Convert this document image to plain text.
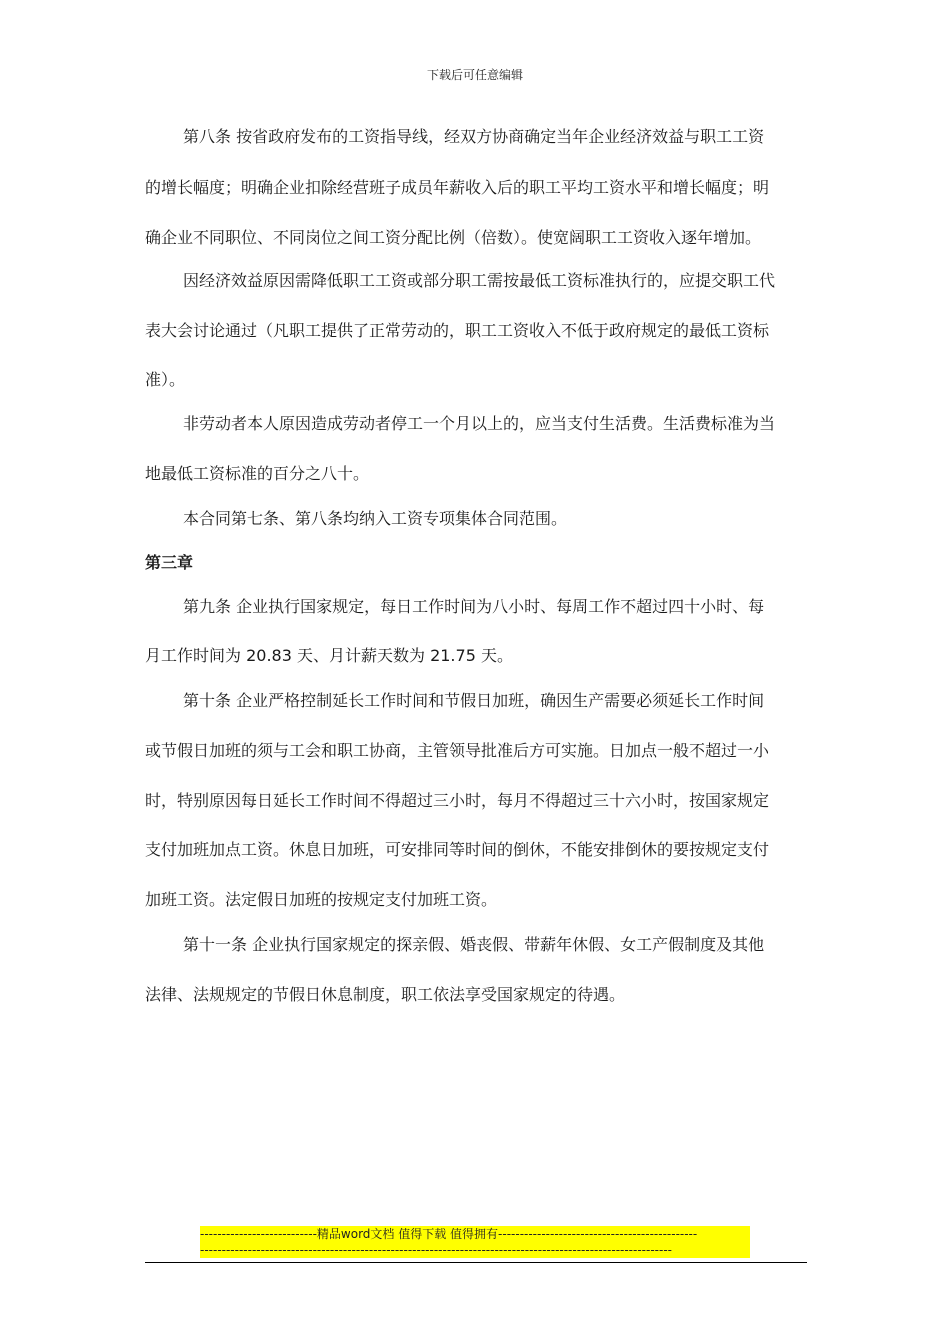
下载后可任意编辑
第八条 按省政府发布的工资指导线，经双方协商确定当年企业经济效益与职工工资
的增长幅度；明确企业扣除经营班子成员年薪收入后的职工平均工资水平和增长幅度；明
确企业不同职位、不同岗位之间工资分配比例（倍数）。使宽阔职工工资收入逐年增加。
因经济效益原因需降低职工工资或部分职工需按最低工资标准执行的，应提交职工代
表大会讨论通过（凡职工提供了正常劳动的，职工工资收入不低于政府规定的最低工资标
准）。
非劳动者本人原因造成劳动者停工一个月以上的，应当支付生活费。生活费标准为当
地最低工资标准的百分之八十。
本合同第七条、第八条均纳入工资专项集体合同范围。
第三章
第九条 企业执行国家规定，每日工作时间为八小时、每周工作不超过四十小时、每
月工作时间为 20.83 天、月计薪天数为 21.75 天。
第十条 企业严格控制延长工作时间和节假日加班，确因生产需要必须延长工作时间
或节假日加班的须与工会和职工协商，主管领导批准后方可实施。日加点一般不超过一小
时，特别原因每日延长工作时间不得超过三小时，每月不得超过三十六小时，按国家规定
支付加班加点工资。休息日加班，可安排同等时间的倒休，不能安排倒休的要按规定支付
加班工资。法定假日加班的按规定支付加班工资。
第十一条 企业执行国家规定的探亲假、婚丧假、带薪年休假、女工产假制度及其他
法律、法规规定的节假日休息制度，职工依法享受国家规定的待遇。
---------------------------精品word文档 值得下载 值得拥有----------------------------------------------
-------------------------------------------------------------------------------------------------------------
